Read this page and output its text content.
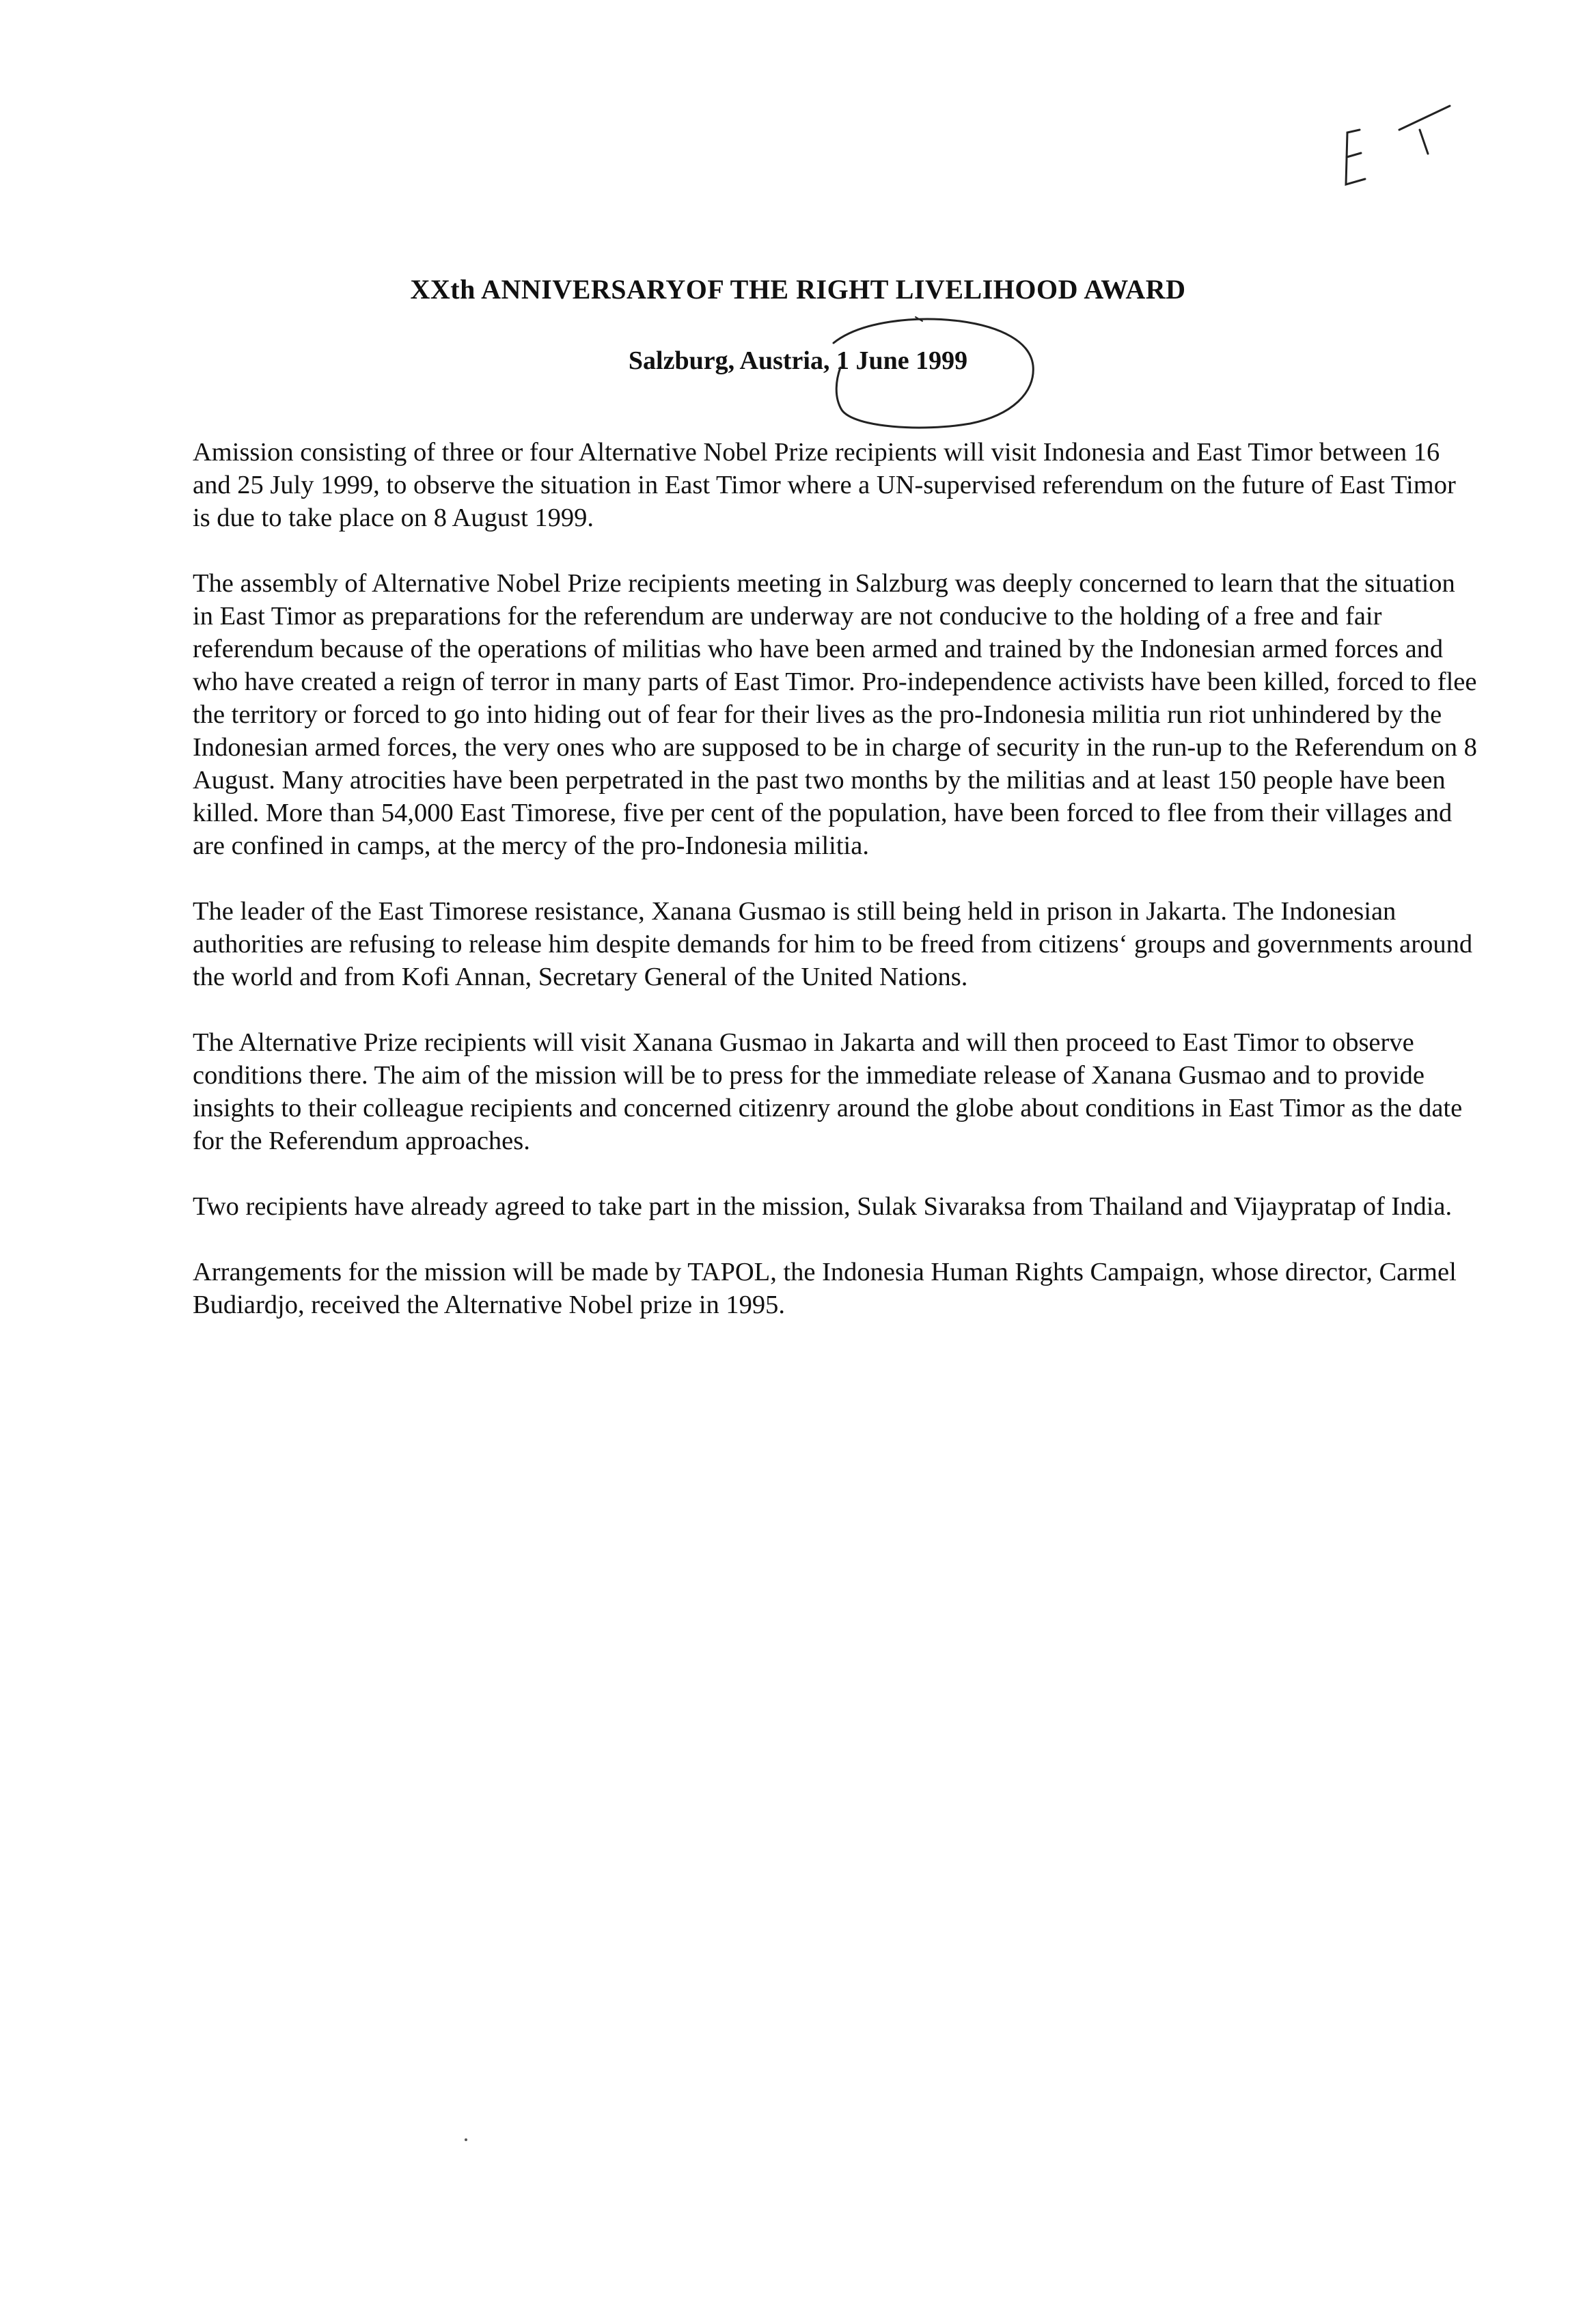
XXth ANNIVERSARYOF THE RIGHT LIVELIHOOD AWARD
Salzburg, Austria, 1 June 1999

Amission consisting of three or four Alternative Nobel Prize recipients will visit Indonesia and East Timor between 16 and 25 July 1999, to observe the situation in East Timor where a UN-supervised referendum on the future of East Timor is due to take place on 8 August 1999.

The assembly of Alternative Nobel Prize recipients meeting in Salzburg was deeply concerned to learn that the situation in East Timor as preparations for the referendum are underway are not conducive to the holding of a free and fair referendum because of the operations of militias who have been armed and trained by the Indonesian armed forces and who have created a reign of terror in many parts of East Timor. Pro-independence activists have been killed, forced to flee the territory or forced to go into hiding out of fear for their lives as the pro-Indonesia militia run riot unhindered by the Indonesian armed forces, the very ones who are supposed to be in charge of security in the run-up to the Referendum on 8 August. Many atrocities have been perpetrated in the past two months by the militias and at least 150 people have been killed. More than 54,000 East Timorese, five per cent of the population, have been forced to flee from their villages and are confined in camps, at the mercy of the pro-Indonesia militia.

The leader of the East Timorese resistance, Xanana Gusmao is still being held in prison in Jakarta. The Indonesian authorities are refusing to release him despite demands for him to be freed from citizens‘ groups and governments around the world and from Kofi Annan, Secretary General of the United Nations.

The Alternative Prize recipients will visit Xanana Gusmao in Jakarta and will then proceed to East Timor to observe conditions there. The aim of the mission will be to press for the immediate release of Xanana Gusmao and to provide insights to their colleague recipients and concerned citizenry around the globe about conditions in East Timor as the date for the Referendum approaches.

Two recipients have already agreed to take part in the mission, Sulak Sivaraksa from Thailand and Vijaypratap of India.

Arrangements for the mission will be made by TAPOL, the Indonesia Human Rights Campaign, whose director, Carmel Budiardjo, received the Alternative Nobel prize in 1995.
